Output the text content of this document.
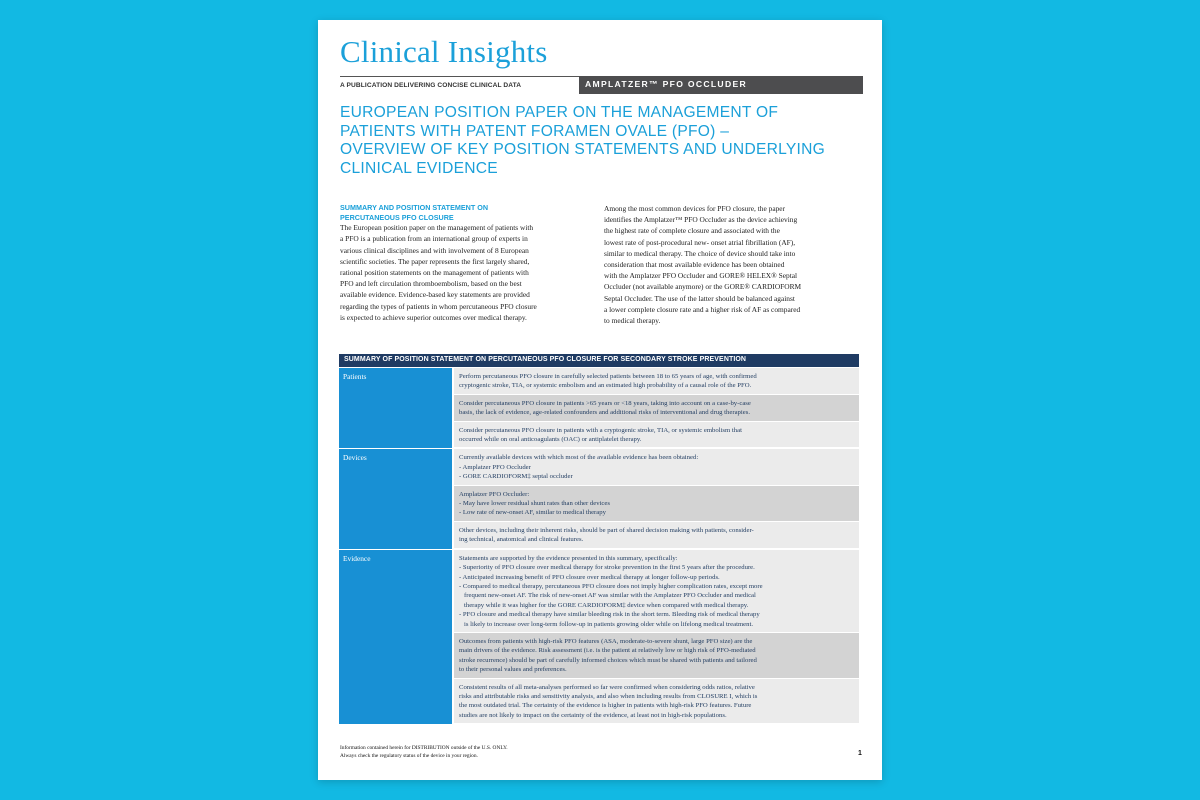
Clinical Insights
A PUBLICATION DELIVERING CONCISE CLINICAL DATA	AMPLATZER™ PFO OCCLUDER
EUROPEAN POSITION PAPER ON THE MANAGEMENT OF
PATIENTS WITH PATENT FORAMEN OVALE (PFO) –
OVERVIEW OF KEY POSITION STATEMENTS AND UNDERLYING
CLINICAL EVIDENCE
SUMMARY AND POSITION STATEMENT ON
PERCUTANEOUS PFO CLOSURE
The European position paper on the management of patients with
a PFO is a publication from an international group of experts in
various clinical disciplines and with involvement of 8 European
scientific societies. The paper represents the first largely shared,
rational position statements on the management of patients with
PFO and left circulation thromboembolism, based on the best
available evidence. Evidence-based key statements are provided
regarding the types of patients in whom percutaneous PFO closure
is expected to achieve superior outcomes over medical therapy.
Among the most common devices for PFO closure, the paper
identifies the Amplatzer™ PFO Occluder as the device achieving
the highest rate of complete closure and associated with the
lowest rate of post-procedural new- onset atrial fibrillation (AF),
similar to medical therapy. The choice of device should take into
consideration that most available evidence has been obtained
with the Amplatzer PFO Occluder and GORE® HELEX® Septal
Occluder (not available anymore) or the GORE® CARDIOFORM
Septal Occluder. The use of the latter should be balanced against
a lower complete closure rate and a higher risk of AF as compared
to medical therapy.
SUMMARY OF POSITION STATEMENT ON PERCUTANEOUS PFO CLOSURE FOR SECONDARY STROKE PREVENTION
Patients	Perform percutaneous PFO closure in carefully selected patients between 18 to 65 years of age, with confirmed
cryptogenic stroke, TIA, or systemic embolism and an estimated high probability of a causal role of the PFO.
Consider percutaneous PFO closure in patients >65 years or <18 years, taking into account on a case-by-case
basis, the lack of evidence, age-related confounders and additional risks of interventional and drug therapies.
Consider percutaneous PFO closure in patients with a cryptogenic stroke, TIA, or systemic embolism that
occurred while on oral anticoagulants (OAC) or antiplatelet therapy.
Devices	Currently available devices with which most of the available evidence has been obtained:
- Amplatzer PFO Occluder
- GORE CARDIOFORM‡ septal occluder
Amplatzer PFO Occluder:
- May have lower residual shunt rates than other devices
- Low rate of new-onset AF, similar to medical therapy
Other devices, including their inherent risks, should be part of shared decision making with patients, consider-
ing technical, anatomical and clinical features.
Evidence	Statements are supported by the evidence presented in this summary, specifically:
- Superiority of PFO closure over medical therapy for stroke prevention in the first 5 years after the procedure.
- Anticipated increasing benefit of PFO closure over medical therapy at longer follow-up periods.
- Compared to medical therapy, percutaneous PFO closure does not imply higher complication rates, except more
frequent new-onset AF. The risk of new-onset AF was similar with the Amplatzer PFO Occluder and medical
therapy while it was higher for the GORE CARDIOFORM‡ device when compared with medical therapy.
- PFO closure and medical therapy have similar bleeding risk in the short term. Bleeding risk of medical therapy
is likely to increase over long-term follow-up in patients growing older while on lifelong medical treatment.
Outcomes from patients with high-risk PFO features (ASA, moderate-to-severe shunt, large PFO size) are the
main drivers of the evidence. Risk assessment (i.e. is the patient at relatively low or high risk of PFO-mediated
stroke recurrence) should be part of carefully informed choices which must be shared with patients and tailored
to their personal values and preferences.
Consistent results of all meta-analyses performed so far were confirmed when considering odds ratios, relative
risks and attributable risks and sensitivity analysis, and also when including results from CLOSURE I, which is
the most outdated trial. The certainty of the evidence is higher in patients with high-risk PFO features. Future
studies are not likely to impact on the certainty of the evidence, at least not in high-risk populations.
Information contained herein for DISTRIBUTION outside of the U.S. ONLY.
Always check the regulatory status of the device in your region.	1
